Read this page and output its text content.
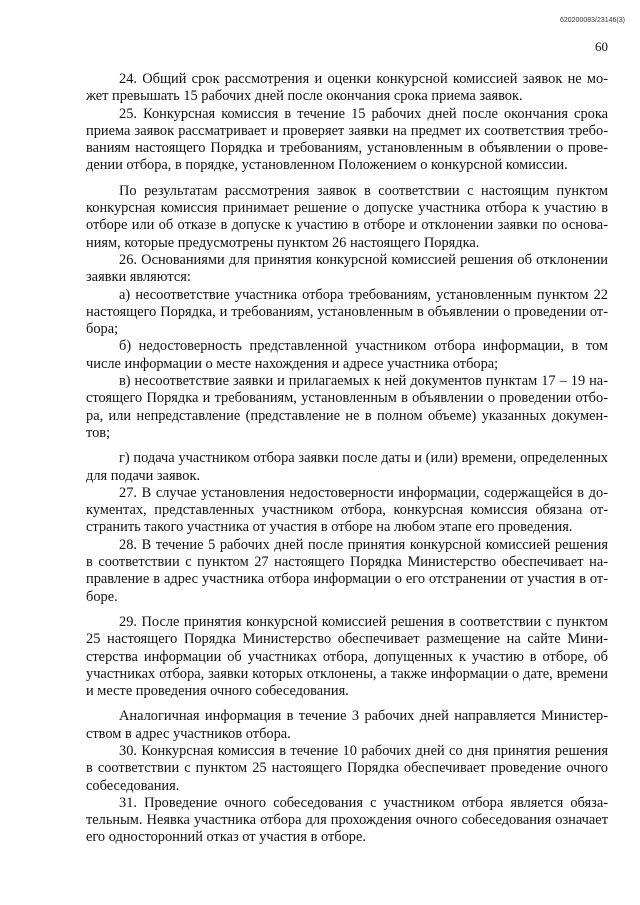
620200083/23146(3)
60

24. Общий срок рассмотрения и оценки конкурсной комиссией заявок не может превышать 15 рабочих дней после окончания срока приема заявок.

25. Конкурсная комиссия в течение 15 рабочих дней после окончания срока приема заявок рассматривает и проверяет заявки на предмет их соответствия требованиям настоящего Порядка и требованиям, установленным в объявлении о проведении отбора, в порядке, установленном Положением о конкурсной комиссии.

По результатам рассмотрения заявок в соответствии с настоящим пунктом конкурсная комиссия принимает решение о допуске участника отбора к участию в отборе или об отказе в допуске к участию в отборе и отклонении заявки по основаниям, которые предусмотрены пунктом 26 настоящего Порядка.

26. Основаниями для принятия конкурсной комиссией решения об отклонении заявки являются:

а) несоответствие участника отбора требованиям, установленным пунктом 22 настоящего Порядка, и требованиям, установленным в объявлении о проведении отбора;

б) недостоверность представленной участником отбора информации, в том числе информации о месте нахождения и адресе участника отбора;

в) несоответствие заявки и прилагаемых к ней документов пунктам 17 – 19 настоящего Порядка и требованиям, установленным в объявлении о проведении отбора, или непредставление (представление не в полном объеме) указанных документов;

г) подача участником отбора заявки после даты и (или) времени, определенных для подачи заявок.

27. В случае установления недостоверности информации, содержащейся в документах, представленных участником отбора, конкурсная комиссия обязана отстранить такого участника от участия в отборе на любом этапе его проведения.

28. В течение 5 рабочих дней после принятия конкурсной комиссией решения в соответствии с пунктом 27 настоящего Порядка Министерство обеспечивает направление в адрес участника отбора информации о его отстранении от участия в отборе.

29. После принятия конкурсной комиссией решения в соответствии с пунктом 25 настоящего Порядка Министерство обеспечивает размещение на сайте Министерства информации об участниках отбора, допущенных к участию в отборе, об участниках отбора, заявки которых отклонены, а также информации о дате, времени и месте проведения очного собеседования.

Аналогичная информация в течение 3 рабочих дней направляется Министерством в адрес участников отбора.

30. Конкурсная комиссия в течение 10 рабочих дней со дня принятия решения в соответствии с пунктом 25 настоящего Порядка обеспечивает проведение очного собеседования.

31. Проведение очного собеседования с участником отбора является обязательным. Неявка участника отбора для прохождения очного собеседования означает его односторонний отказ от участия в отборе.
